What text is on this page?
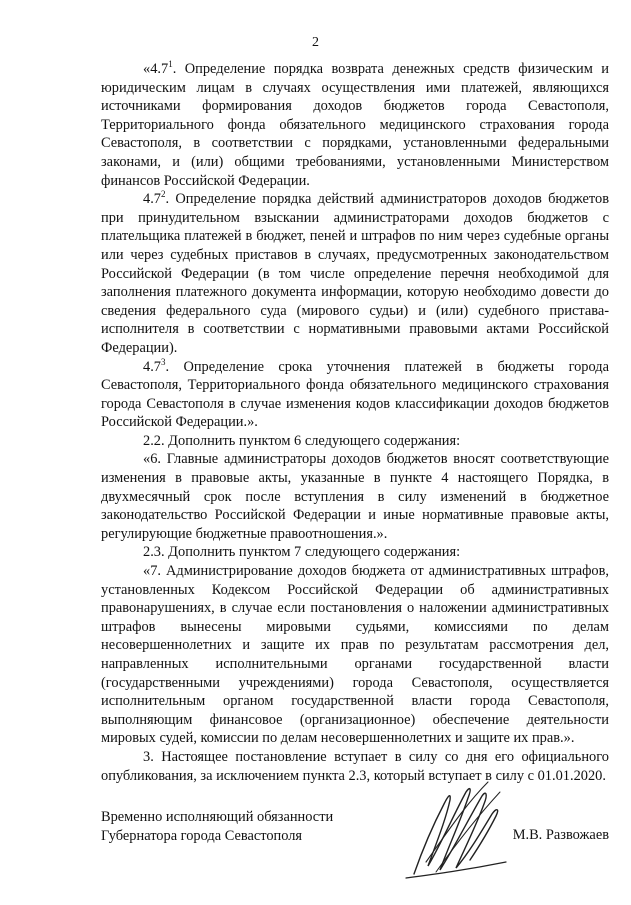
2

«$4.7^1$. Определение порядка возврата денежных средств физическим и юридическим лицам в случаях осуществления ими платежей, являющихся источниками формирования доходов бюджетов города Севастополя, Территориального фонда обязательного медицинского страхования города Севастополя, в соответствии с порядками, установленными федеральными законами, и (или) общими требованиями, установленными Министерством финансов Российской Федерации.

$4.7^2$. Определение порядка действий администраторов доходов бюджетов при принудительном взыскании администраторами доходов бюджетов с плательщика платежей в бюджет, пеней и штрафов по ним через судебные органы или через судебных приставов в случаях, предусмотренных законодательством Российской Федерации (в том числе определение перечня необходимой для заполнения платежного документа информации, которую необходимо довести до сведения федерального суда (мирового судьи) и (или) судебного пристава-исполнителя в соответствии с нормативными правовыми актами Российской Федерации).

$4.7^3$. Определение срока уточнения платежей в бюджеты города Севастополя, Территориального фонда обязательного медицинского страхования города Севастополя в случае изменения кодов классификации доходов бюджетов Российской Федерации.».

2.2. Дополнить пунктом 6 следующего содержания:

«6. Главные администраторы доходов бюджетов вносят соответствующие изменения в правовые акты, указанные в пункте 4 настоящего Порядка, в двухмесячный срок после вступления в силу изменений в бюджетное законодательство Российской Федерации и иные нормативные правовые акты, регулирующие бюджетные правоотношения.».

2.3. Дополнить пунктом 7 следующего содержания:

«7. Администрирование доходов бюджета от административных штрафов, установленных Кодексом Российской Федерации об административных правонарушениях, в случае если постановления о наложении административных штрафов вынесены мировыми судьями, комиссиями по делам несовершеннолетних и защите их прав по результатам рассмотрения дел, направленных исполнительными органами государственной власти (государственными учреждениями) города Севастополя, осуществляется исполнительным органом государственной власти города Севастополя, выполняющим финансовое (организационное) обеспечение деятельности мировых судей, комиссии по делам несовершеннолетних и защите их прав.».

3. Настоящее постановление вступает в силу со дня его официального опубликования, за исключением пункта 2.3, который вступает в силу с 01.01.2020.

Временно исполняющий обязанности
Губернатора города Севастополя	М.В. Развожаев
